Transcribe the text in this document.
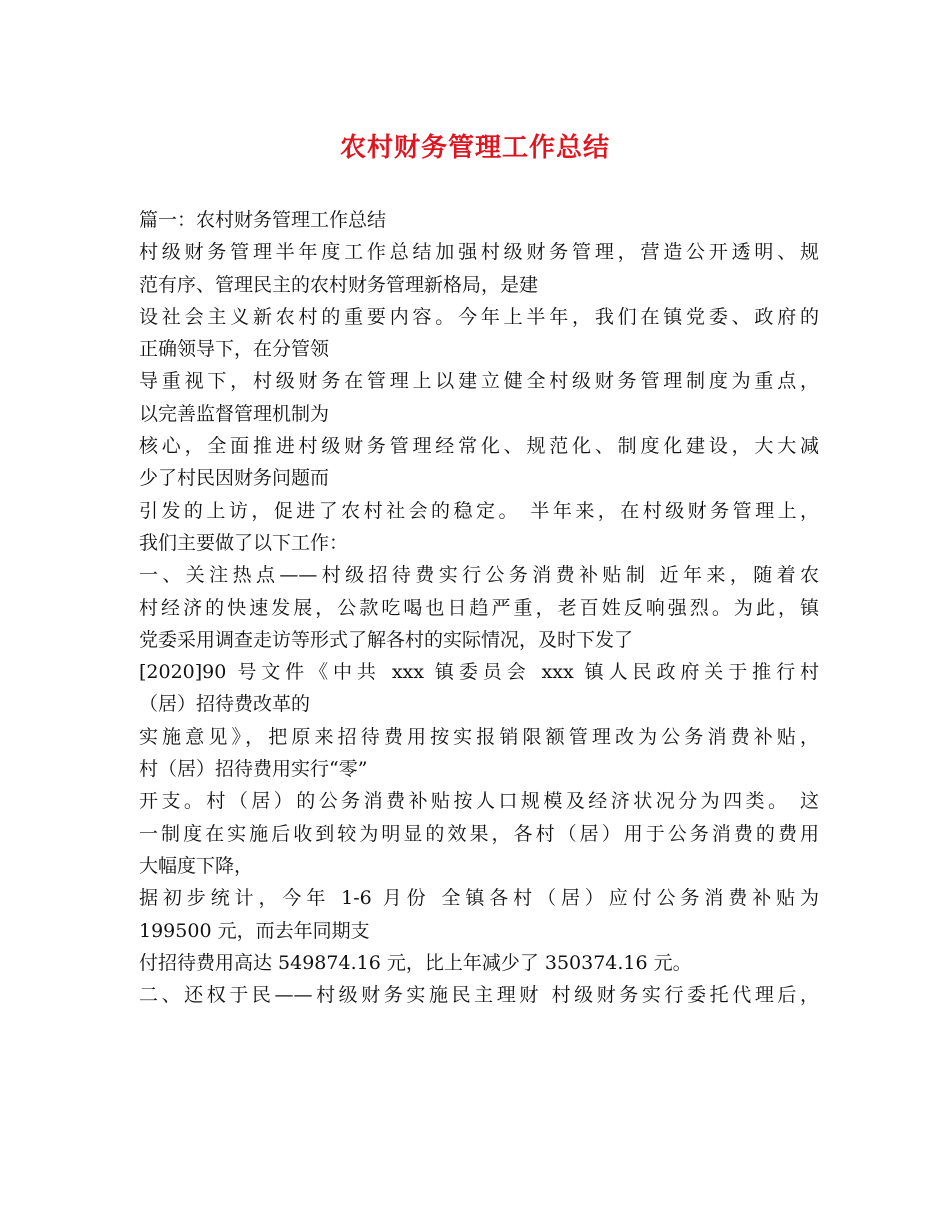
农村财务管理工作总结
篇一：农村财务管理工作总结
村级财务管理半年度工作总结加强村级财务管理，营造公开透明、规
范有序、管理民主的农村财务管理新格局，是建
设社会主义新农村的重要内容。今年上半年，我们在镇党委、政府的
正确领导下，在分管领
导重视下，村级财务在管理上以建立健全村级财务管理制度为重点，
以完善监督管理机制为
核心，全面推进村级财务管理经常化、规范化、制度化建设，大大减
少了村民因财务问题而
引发的上访，促进了农村社会的稳定。 半年来，在村级财务管理上，
我们主要做了以下工作：
一、关注热点——村级招待费实行公务消费补贴制 近年来，随着农
村经济的快速发展，公款吃喝也日趋严重，老百姓反响强烈。为此，镇
党委采用调查走访等形式了解各村的实际情况，及时下发了
[2020]90 号文件《中共 xxx 镇委员会 xxx 镇人民政府关于推行村
（居）招待费改革的
实施意见》，把原来招待费用按实报销限额管理改为公务消费补贴，
村（居）招待费用实行“零”
开支。村（居）的公务消费补贴按人口规模及经济状况分为四类。 这
一制度在实施后收到较为明显的效果，各村（居）用于公务消费的费用
大幅度下降，
据初步统计，今年 1-6 月份 全镇各村（居）应付公务消费补贴为
199500 元，而去年同期支
付招待费用高达 549874.16 元，比上年减少了 350374.16 元。
二、还权于民——村级财务实施民主理财 村级财务实行委托代理后，
